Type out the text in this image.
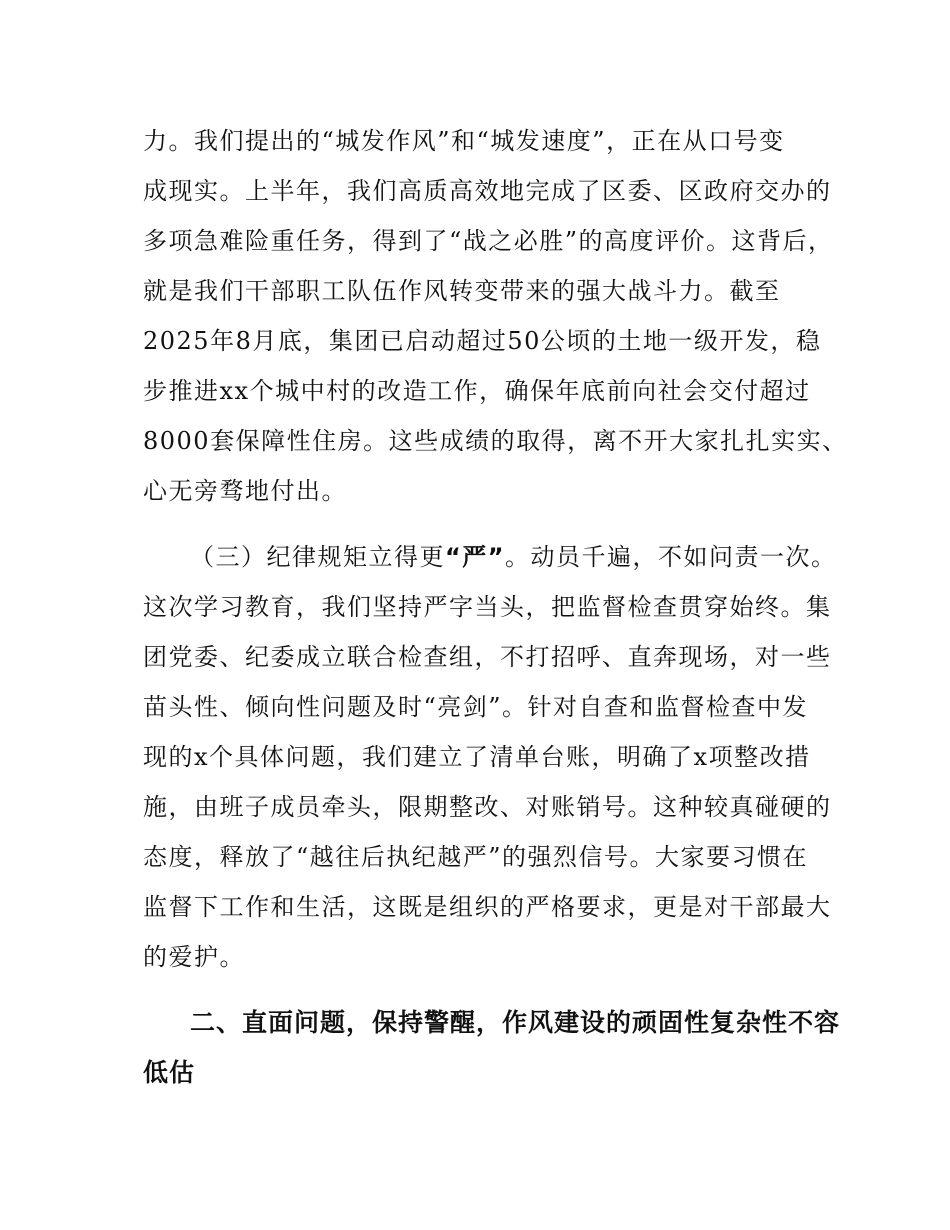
力。我们提出的“城发作风”和“城发速度”，正在从口号变

成现实。上半年，我们高质高效地完成了区委、区政府交办的

多项急难险重任务，得到了“战之必胜”的高度评价。这背后，

就是我们干部职工队伍作风转变带来的强大战斗力。截至

2025年8月底，集团已启动超过50公顷的土地一级开发，稳

步推进xx个城中村的改造工作，确保年底前向社会交付超过

8000套保障性住房。这些成绩的取得，离不开大家扎扎实实、

心无旁骛地付出。

（三）纪律规矩立得更“严”。动员千遍，不如问责一次。

这次学习教育，我们坚持严字当头，把监督检查贯穿始终。集

团党委、纪委成立联合检查组，不打招呼、直奔现场，对一些

苗头性、倾向性问题及时“亮剑”。针对自查和监督检查中发

现的x个具体问题，我们建立了清单台账，明确了x项整改措

施，由班子成员牵头，限期整改、对账销号。这种较真碰硬的

态度，释放了“越往后执纪越严”的强烈信号。大家要习惯在

监督下工作和生活，这既是组织的严格要求，更是对干部最大

的爱护。

二、直面问题，保持警醒，作风建设的顽固性复杂性不容

低估
